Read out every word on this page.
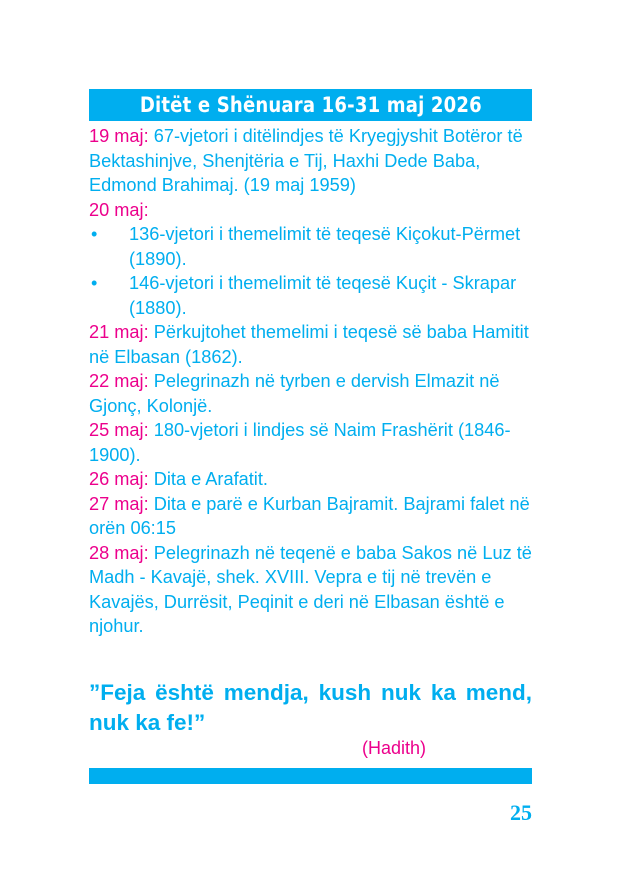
Ditët e Shënuara 16-31 maj 2026

19 maj: 67-vjetori i ditëlindjes të Kryegjyshit Botëror të Bektashinjve, Shenjtëria e Tij, Haxhi Dede Baba, Edmond Brahimaj. (19 maj 1959)

20 maj:

• 136-vjetori i themelimit të teqesë Kiçokut-Përmet (1890).
• 146-vjetori i themelimit të teqesë Kuçit - Skrapar (1880).

21 maj: Përkujtohet themelimi i teqesë së baba Hamitit në Elbasan (1862).

22 maj: Pelegrinazh në tyrben e dervish Elmazit në Gjonç, Kolonjë.

25 maj: 180-vjetori i lindjes së Naim Frashërit (1846-1900).

26 maj: Dita e Arafatit.

27 maj: Dita e parë e Kurban Bajramit. Bajrami falet në orën 06:15

28 maj: Pelegrinazh në teqenë e baba Sakos në Luz të Madh - Kavajë, shek. XVIII. Vepra e tij në trevën e Kavajës, Durrësit, Peqinit e deri në Elbasan është e njohur.

”Feja është mendja, kush nuk ka mend, nuk ka fe!”
(Hadith)
25
